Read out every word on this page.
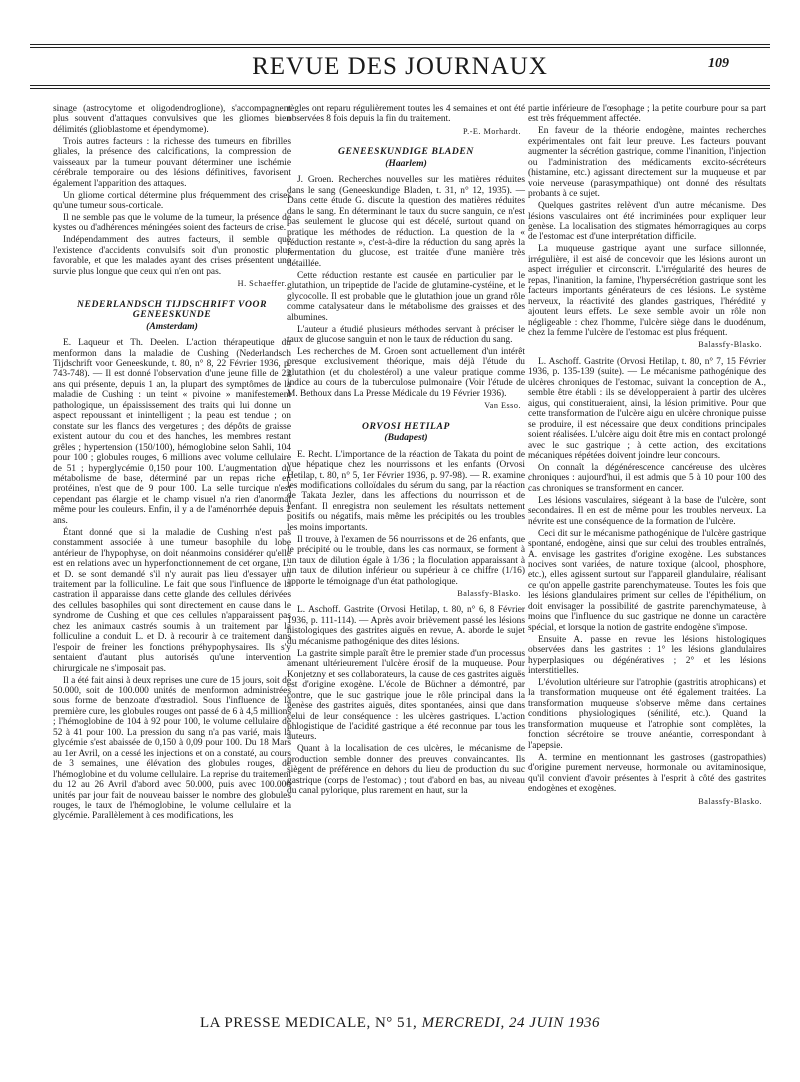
REVUE DES JOURNAUX	109

sinage (astrocytome et oligodendroglione), s'accompagnent plus souvent d'attaques convulsives que les gliomes bien délimités (glioblastome et épendymome).

Trois autres facteurs : la richesse des tumeurs en fibrilles gliales, la présence des calcifications, la compression de vaisseaux par la tumeur pouvant déterminer une ischémie cérébrale temporaire ou des lésions définitives, favorisent également l'apparition des attaques.

Un gliome cortical détermine plus fréquemment des crises qu'une tumeur sous-corticale.

Il ne semble pas que le volume de la tumeur, la présence de kystes ou d'adhérences méningées soient des facteurs de crise.

Indépendamment des autres facteurs, il semble que l'existence d'accidents convulsifs soit d'un pronostic plus favorable, et que les malades ayant des crises présentent une survie plus longue que ceux qui n'en ont pas.

H. Schaeffer.
NEDERLANDSCH TIJDSCHRIFT VOOR GENEESKUNDE
(Amsterdam)

E. Laqueur et Th. Deelen. L'action thérapeutique du menformon dans la maladie de Cushing (Nederlandsch Tijdschrift voor Geneeskunde, t. 80, n° 8, 22 Février 1936, p. 743-748). — Il est donné l'observation d'une jeune fille de 23 ans qui présente, depuis 1 an, la plupart des symptômes de la maladie de Cushing : un teint « pivoine » manifestement pathologique, un épaississement des traits qui lui donne un aspect repoussant et inintelligent ; la peau est tendue ; on constate sur les flancs des vergetures ; des dépôts de graisse existent autour du cou et des hanches, les membres restant grêles ; hypertension (150/100), hémoglobine selon Sahli, 104 pour 100 ; globules rouges, 6 millions avec volume cellulaire de 51 ; hyperglycémie 0,150 pour 100. L'augmentation du métabolisme de base, déterminé par un repas riche en protéines, n'est que de 9 pour 100. La selle turcique n'est cependant pas élargie et le champ visuel n'a rien d'anormal même pour les couleurs. Enfin, il y a de l'aménorrhée depuis 2 ans.

Étant donné que si la maladie de Cushing n'est pas constamment associée à une tumeur basophile du lobe antérieur de l'hypophyse, on doit néanmoins considérer qu'elle est en relations avec un hyperfonctionnement de cet organe, L. et D. se sont demandé s'il n'y aurait pas lieu d'essayer un traitement par la folliculine. Le fait que sous l'influence de la castration il apparaisse dans cette glande des cellules dérivées des cellules basophiles qui sont directement en cause dans le syndrome de Cushing et que ces cellules n'apparaissent pas chez les animaux castrés soumis à un traitement par la folliculine a conduit L. et D. à recourir à ce traitement dans l'espoir de freiner les fonctions préhypophysaires. Ils s'y sentaient d'autant plus autorisés qu'une intervention chirurgicale ne s'imposait pas.

Il a été fait ainsi à deux reprises une cure de 15 jours, soit de 50.000, soit de 100.000 unités de menformon administrées sous forme de benzoate d'œstradiol. Sous l'influence de la première cure, les globules rouges ont passé de 6 à 4,5 millions ; l'hémoglobine de 104 à 92 pour 100, le volume cellulaire de 52 à 41 pour 100. La pression du sang n'a pas varié, mais la glycémie s'est abaissée de 0,150 à 0,09 pour 100. Du 18 Mars au 1er Avril, on a cessé les injections et on a constaté, au cours de 3 semaines, une élévation des globules rouges, de l'hémoglobine et du volume cellulaire. La reprise du traitement du 12 au 26 Avril d'abord avec 50.000, puis avec 100.000 unités par jour fait de nouveau baisser le nombre des globules rouges, le taux de l'hémoglobine, le volume cellulaire et la glycémie. Parallèlement à ces modifications, les

règles ont reparu régulièrement toutes les 4 semaines et ont été observées 8 fois depuis la fin du traitement.

P.-E. Morhardt.
GENEESKUNDIGE BLADEN
(Haarlem)

J. Groen. Recherches nouvelles sur les matières réduites dans le sang (Geneeskundige Bladen, t. 31, n° 12, 1935). — Dans cette étude G. discute la question des matières réduites dans le sang. En déterminant le taux du sucre sanguin, ce n'est pas seulement le glucose qui est décelé, surtout quand on pratique les méthodes de réduction. La question de la « réduction restante », c'est-à-dire la réduction du sang après la fermentation du glucose, est traitée d'une manière très détaillée.

Cette réduction restante est causée en particulier par le glutathion, un tripeptide de l'acide de glutamine-cystéine, et le glycocolle. Il est probable que le glutathion joue un grand rôle comme catalysateur dans le métabolisme des graisses et des albumines.

L'auteur a étudié plusieurs méthodes servant à préciser le taux de glucose sanguin et non le taux de réduction du sang.

Les recherches de M. Groen sont actuellement d'un intérêt presque exclusivement théorique, mais déjà l'étude du glutathion (et du cholestérol) a une valeur pratique comme indice au cours de la tuberculose pulmonaire (Voir l'étude de M. Bethoux dans La Presse Médicale du 19 Février 1936).

Van Esso.
ORVOSI HETILAP
(Budapest)

E. Recht. L'importance de la réaction de Takata du point de vue hépatique chez les nourrissons et les enfants (Orvosi Hetilap, t. 80, n° 5, 1er Février 1936, p. 97-98). — R. examine les modifications colloïdales du sérum du sang, par la réaction de Takata Jezler, dans les affections du nourrisson et de l'enfant. Il enregistra non seulement les résultats nettement positifs ou négatifs, mais même les précipités ou les troubles les moins importants.

Il trouve, à l'examen de 56 nourrissons et de 26 enfants, que le précipité ou le trouble, dans les cas normaux, se forment à un taux de dilution égale à 1/36 ; la floculation apparaissant à un taux de dilution inférieur ou supérieur à ce chiffre (1/16) apporte le témoignage d'un état pathologique.

Balassfy-Blasko.

L. Aschoff. Gastrite (Orvosi Hetilap, t. 80, n° 6, 8 Février 1936, p. 111-114). — Après avoir brièvement passé les lésions histologiques des gastrites aiguës en revue, A. aborde le sujet du mécanisme pathogénique des dites lésions.

La gastrite simple paraît être le premier stade d'un processus amenant ultérieurement l'ulcère érosif de la muqueuse. Pour Konjetzny et ses collaborateurs, la cause de ces gastrites aiguës est d'origine exogène. L'école de Büchner a démontré, par contre, que le suc gastrique joue le rôle principal dans la genèse des gastrites aiguës, dites spontanées, ainsi que dans celui de leur conséquence : les ulcères gastriques. L'action phlogistique de l'acidité gastrique a été reconnue par tous les auteurs.

Quant à la localisation de ces ulcères, le mécanisme de production semble donner des preuves convaincantes. Ils siègent de préférence en dehors du lieu de production du suc gastrique (corps de l'estomac) ; tout d'abord en bas, au niveau du canal pylorique, plus rarement en haut, sur la

partie inférieure de l'œsophage ; la petite courbure pour sa part est très fréquemment affectée.

En faveur de la théorie endogène, maintes recherches expérimentales ont fait leur preuve. Les facteurs pouvant augmenter la sécrétion gastrique, comme l'inanition, l'injection ou l'administration des médicaments excito-sécréteurs (histamine, etc.) agissant directement sur la muqueuse et par voie nerveuse (parasympathique) ont donné des résultats probants à ce sujet.

Quelques gastrites relèvent d'un autre mécanisme. Des lésions vasculaires ont été incriminées pour expliquer leur genèse. La localisation des stigmates hémorragiques au corps de l'estomac est d'une interprétation difficile.

La muqueuse gastrique ayant une surface sillonnée, irrégulière, il est aisé de concevoir que les lésions auront un aspect irrégulier et circonscrit. L'irrégularité des heures de repas, l'inanition, la famine, l'hypersécrétion gastrique sont les facteurs importants générateurs de ces lésions. Le système nerveux, la réactivité des glandes gastriques, l'hérédité y ajoutent leurs effets. Le sexe semble avoir un rôle non négligeable : chez l'homme, l'ulcère siège dans le duodénum, chez la femme l'ulcère de l'estomac est plus fréquent.

Balassfy-Blasko.

L. Aschoff. Gastrite (Orvosi Hetilap, t. 80, n° 7, 15 Février 1936, p. 135-139 (suite). — Le mécanisme pathogénique des ulcères chroniques de l'estomac, suivant la conception de A., semble être établi : ils se développeraient à partir des ulcères aigus, qui constitueraient, ainsi, la lésion primitive. Pour que cette transformation de l'ulcère aigu en ulcère chronique puisse se produire, il est nécessaire que deux conditions principales soient réalisées. L'ulcère aigu doit être mis en contact prolongé avec le suc gastrique ; à cette action, des excitations mécaniques répétées doivent joindre leur concours.

On connaît la dégénérescence cancéreuse des ulcères chroniques : aujourd'hui, il est admis que 5 à 10 pour 100 des cas chroniques se transforment en cancer.

Les lésions vasculaires, siégeant à la base de l'ulcère, sont secondaires. Il en est de même pour les troubles nerveux. La névrite est une conséquence de la formation de l'ulcère.

Ceci dit sur le mécanisme pathogénique de l'ulcère gastrique spontané, endogène, ainsi que sur celui des troubles entraînés, A. envisage les gastrites d'origine exogène. Les substances nocives sont variées, de nature toxique (alcool, phosphore, etc.), elles agissent surtout sur l'appareil glandulaire, réalisant ce qu'on appelle gastrite parenchymateuse. Toutes les fois que les lésions glandulaires priment sur celles de l'épithélium, on doit envisager la possibilité de gastrite parenchymateuse, à moins que l'influence du suc gastrique ne donne un caractère spécial, et lorsque la notion de gastrite endogène s'impose.

Ensuite A. passe en revue les lésions histologiques observées dans les gastrites : 1° les lésions glandulaires hyperplasiques ou dégénératives ; 2° et les lésions interstitielles.

L'évolution ultérieure sur l'atrophie (gastritis atrophicans) et la transformation muqueuse ont été également traitées. La transformation muqueuse s'observe même dans certaines conditions physiologiques (sénilité, etc.). Quand la transformation muqueuse et l'atrophie sont complètes, la fonction sécrétoire se trouve anéantie, correspondant à l'apepsie.

A. termine en mentionnant les gastroses (gastropathies) d'origine purement nerveuse, hormonale ou avitaminosique, qu'il convient d'avoir présentes à l'esprit à côté des gastrites endogènes et exogènes.

Balassfy-Blasko.
LA PRESSE MEDICALE, N° 51, MERCREDI, 24 JUIN 1936
